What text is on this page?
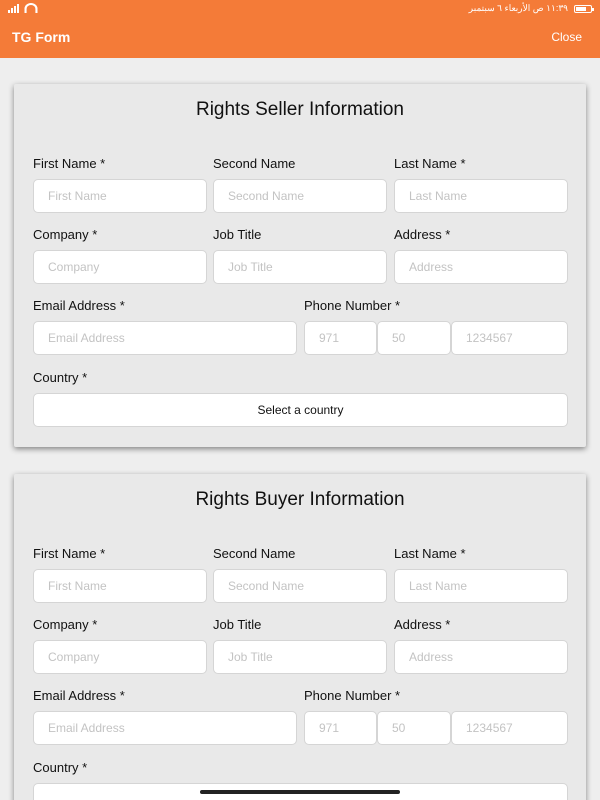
١١:٣٩ ص الأربعاء ٦ سبتمبر
TG Form	Close
Rights Seller Information
First Name *	Second Name	Last Name *
First Name	Second Name	Last Name
Company *	Job Title	Address *
Company	Job Title	Address
Email Address *	Phone Number *
Email Address	971	50	1234567
Country *
Select a country
Rights Buyer Information
First Name *	Second Name	Last Name *
First Name	Second Name	Last Name
Company *	Job Title	Address *
Company	Job Title	Address
Email Address *	Phone Number *
Email Address	971	50	1234567
Country *
